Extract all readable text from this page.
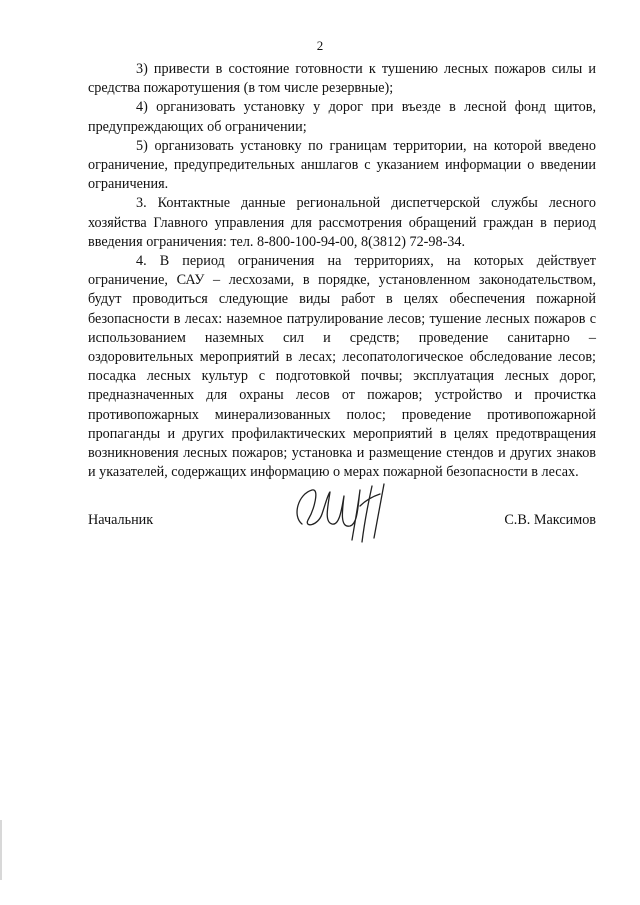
2

3) привести в состояние готовности к тушению лесных пожаров силы и средства пожаротушения (в том числе резервные);

4) организовать установку у дорог при въезде в лесной фонд щитов, предупреждающих об ограничении;

5) организовать установку по границам территории, на которой введено ограничение, предупредительных аншлагов с указанием информации о введении ограничения.

3. Контактные данные региональной диспетчерской службы лесного хозяйства Главного управления для рассмотрения обращений граждан в период введения ограничения: тел. 8-800-100-94-00, 8(3812) 72-98-34.

4. В период ограничения на территориях, на которых действует ограничение, САУ – лесхозами, в порядке, установленном законодательством, будут проводиться следующие виды работ в целях обеспечения пожарной безопасности в лесах: наземное патрулирование лесов; тушение лесных пожаров с использованием наземных сил и средств; проведение санитарно – оздоровительных мероприятий в лесах; лесопатологическое обследование лесов; посадка лесных культур с подготовкой почвы; эксплуатация лесных дорог, предназначенных для охраны лесов от пожаров; устройство и прочистка противопожарных минерализованных полос; проведение противопожарной пропаганды и других профилактических мероприятий в целях предотвращения возникновения лесных пожаров; установка и размещение стендов и других знаков и указателей, содержащих информацию о мерах пожарной безопасности в лесах.

Начальник	С.В. Максимов
